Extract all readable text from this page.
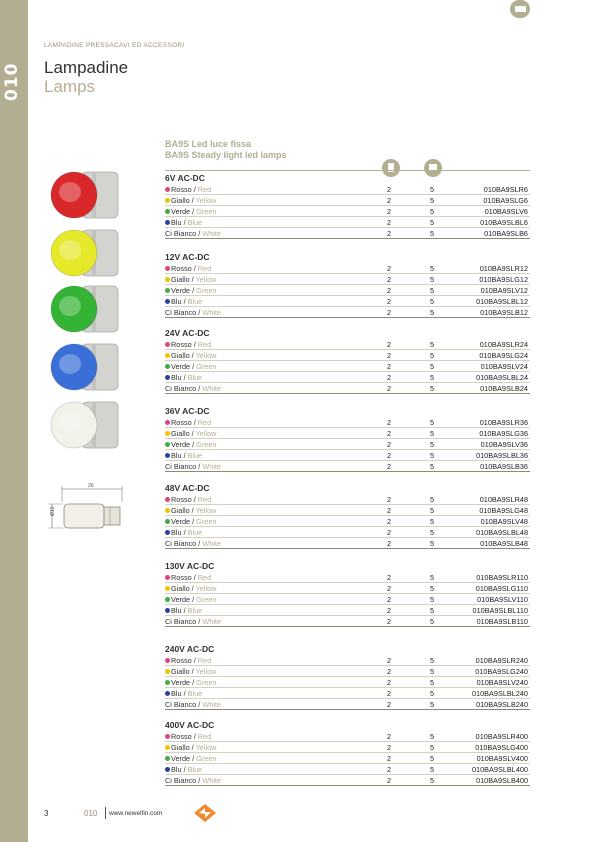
010
LAMPADINE PRESSACAVI ED ACCESSORI
Lampadine
Lamps
BA9S Led luce fissa
BA9S Steady light led lamps
6V AC-DC
Rosso / Red	2	5	010BA9SLR6
Giallo / Yellow	2	5	010BA9SLG6
Verde / Green	2	5	010BA9SLV6
Blu / Blue	2	5	010BA9SLBL6
Ci Bianco / White	2	5	010BA9SLB6
12V AC-DC
Rosso / Red	2	5	010BA9SLR12
Giallo / Yellow	2	5	010BA9SLG12
Verde / Green	2	5	010BA9SLV12
Blu / Blue	2	5	010BA9SLBL12
Ci Bianco / White	2	5	010BA9SLB12
24V AC-DC
Rosso / Red	2	5	010BA9SLR24
Giallo / Yellow	2	5	010BA9SLG24
Verde / Green	2	5	010BA9SLV24
Blu / Blue	2	5	010BA9SLBL24
Ci Bianco / White	2	5	010BA9SLB24
36V AC-DC
Rosso / Red	2	5	010BA9SLR36
Giallo / Yellow	2	5	010BA9SLG36
Verde / Green	2	5	010BA9SLV36
Blu / Blue	2	5	010BA9SLBL36
Ci Bianco / White	2	5	010BA9SLB36
48V AC-DC
Rosso / Red	2	5	010BA9SLR48
Giallo / Yellow	2	5	010BA9SLG48
Verde / Green	2	5	010BA9SLV48
Blu / Blue	2	5	010BA9SLBL48
Ci Bianco / White	2	5	010BA9SLB48
130V AC-DC
Rosso / Red	2	5	010BA9SLR110
Giallo / Yellow	2	5	010BA9SLG110
Verde / Green	2	5	010BA9SLV110
Blu / Blue	2	5	010BA9SLBL110
Ci Bianco / White	2	5	010BA9SLB110
240V AC-DC
Rosso / Red	2	5	010BA9SLR240
Giallo / Yellow	2	5	010BA9SLG240
Verde / Green	2	5	010BA9SLV240
Blu / Blue	2	5	010BA9SLBL240
Ci Bianco / White	2	5	010BA9SLB240
400V AC-DC
Rosso / Red	2	5	010BA9SLR400
Giallo / Yellow	2	5	010BA9SLG400
Verde / Green	2	5	010BA9SLV400
Blu / Blue	2	5	010BA9SLBL400
Ci Bianco / White	2	5	010BA9SLB400
26
Ø10
3	010 www.newelfin.com
